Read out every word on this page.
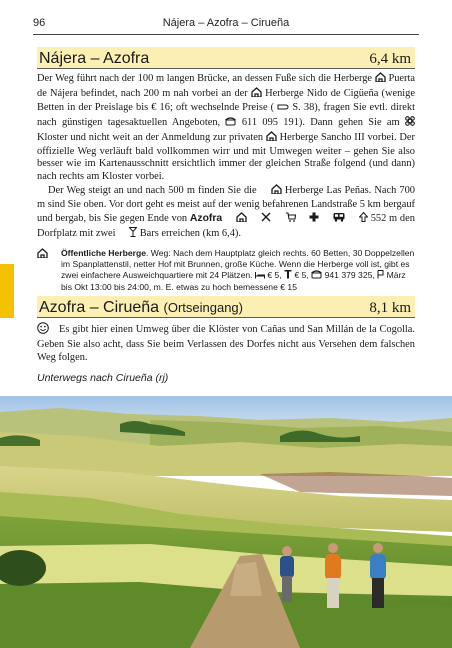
96	Nájera – Azofra – Cirueña
Nájera – Azofra	6,4 km

Der Weg führt nach der 100 m langen Brücke, an dessen Fuße sich die Herberge Puerta de Nájera befindet, nach 200 m nah vorbei an der Herberge Nido de Cigüeña (wenige Betten in der Preislage bis € 16; oft wechselnde Preise ( S. 38), fragen Sie evtl. direkt nach günstigen tagesaktuellen Angeboten, 611 095 191). Dann gehen Sie am  Kloster und nicht weit an der Anmeldung zur privaten Herberge Sancho III vorbei. Der offizielle Weg verläuft bald vollkommen wirr und mit Umwegen weiter – gehen Sie also besser wie im Kartenausschnitt ersichtlich immer der gleichen Straße folgend (und dann) nach rechts am Kloster vorbei.

Der Weg steigt an und nach 500 m finden Sie die	Herberge Las Peñas. Nach 700 m sind Sie oben. Vor dort geht es meist auf der wenig befahrenen Landstraße 5 km bergauf und bergab, bis Sie gegen Ende von Azofra	552 m den Dorfplatz mit zwei Bars erreichen (km 6,4).

Öffentliche Herberge. Weg: Nach dem Hauptplatz gleich rechts. 60 Betten, 30 Doppelzellen im Spanplattenstil, netter Hof mit Brunnen, große Küche. Wenn die Herberge voll ist, gibt es zwei einfachere Ausweichquartiere mit 24 Plätzen. € 5, € 5, 941 379 325, März bis Okt 13:00 bis 24:00, m. E. etwas zu hoch bemessene € 15
Azofra – Cirueña (Ortseingang)	8,1 km
Es gibt hier einen Umweg über die Klöster von Cañas und San Millán de la Cogolla. Geben Sie also acht, dass Sie beim Verlassen des Dorfes nicht aus Versehen dem falschen Weg folgen.
Unterwegs nach Cirueña (rj)
